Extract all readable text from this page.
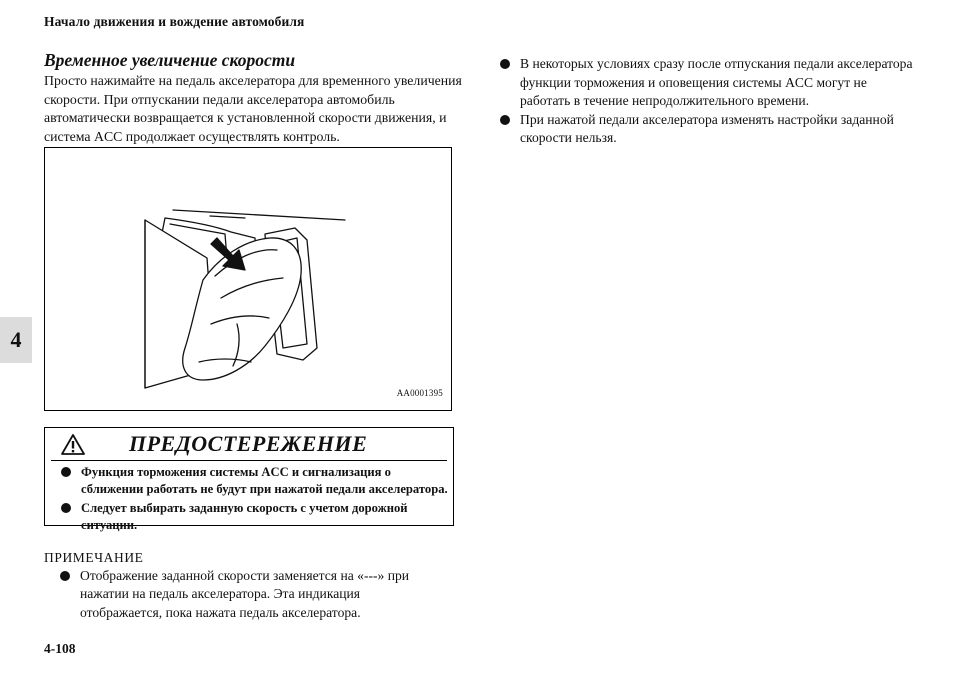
Начало движения и вождение автомобиля
4
Временное увеличение скорости
Просто нажимайте на педаль акселератора для временного увеличения скорости. При отпускании педали акселератора автомобиль автоматически возвращается к установленной скорости движения, и система ACC продолжает осуществлять контроль.
AA0001395
ПРЕДОСТЕРЕЖЕНИЕ
Функция торможения системы ACC и сигнализация о сближении работать не будут при нажатой педали акселератора.
Следует выбирать заданную скорость с учетом дорожной ситуации.
ПРИМЕЧАНИЕ
Отображение заданной скорости заменяется на «---» при нажатии на педаль акселератора. Эта индикация отображается, пока нажата педаль акселератора.
В некоторых условиях сразу после отпускания педали акселератора функции торможения и оповещения системы ACC могут не работать в течение непродолжительного времени.
При нажатой педали акселератора изменять настройки заданной скорости нельзя.
4-108
